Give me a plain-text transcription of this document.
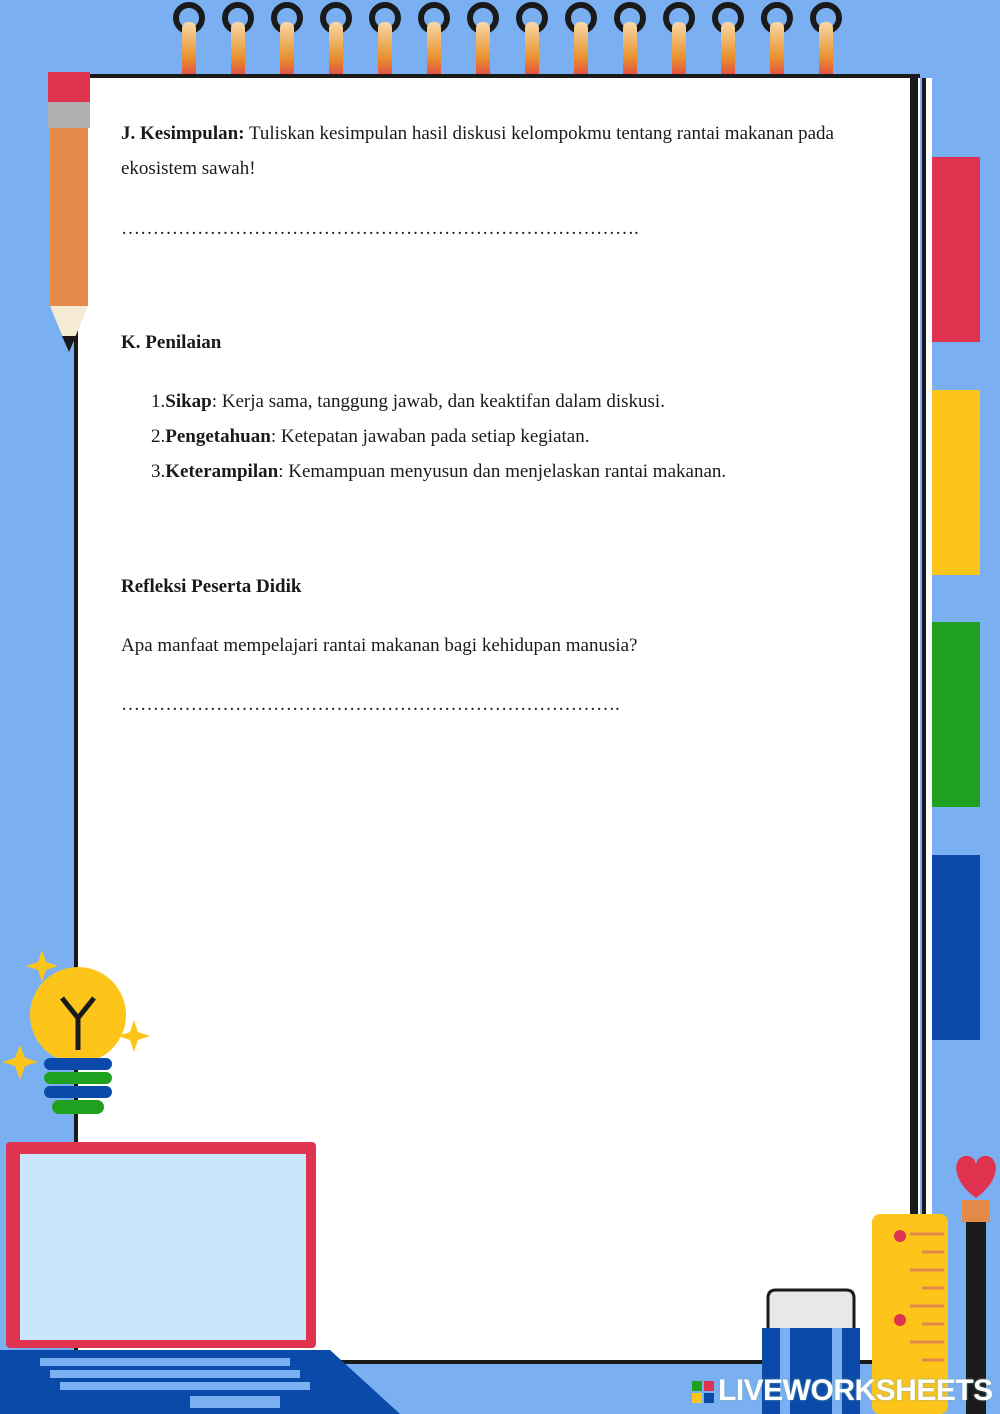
J. Kesimpulan: Tuliskan kesimpulan hasil diskusi kelompokmu tentang rantai makanan pada

ekosistem sawah!

……………………………………………………………………….

K. Penilaian

1.Sikap: Kerja sama, tanggung jawab, dan keaktifan dalam diskusi.
2.Pengetahuan: Ketepatan jawaban pada setiap kegiatan.
3.Keterampilan: Kemampuan menyusun dan menjelaskan rantai makanan.

Refleksi Peserta Didik

Apa manfaat mempelajari rantai makanan bagi kehidupan manusia?

…………………………………………………………………….

LIVEWORKSHEETS
